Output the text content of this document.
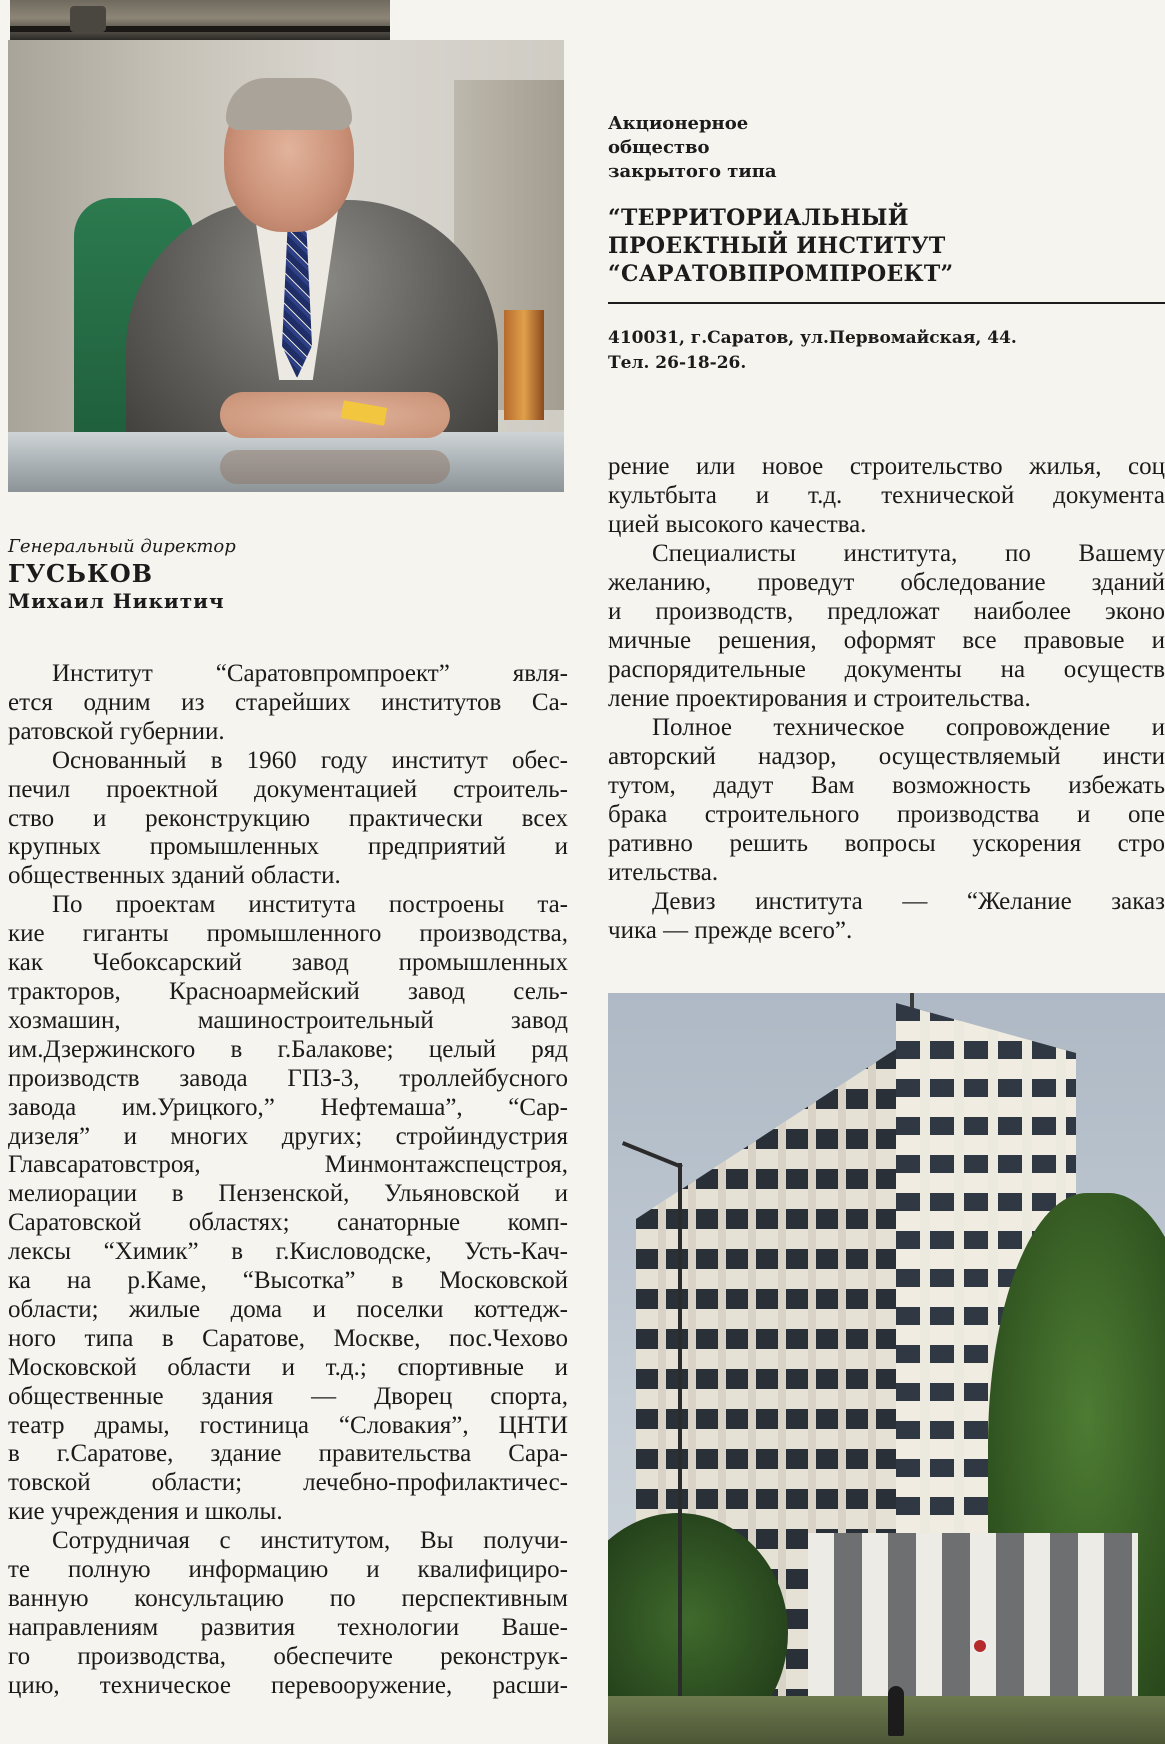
Акционерное
общество
закрытого типа
“ТЕРРИТОРИАЛЬНЫЙ
ПРОЕКТНЫЙ ИНСТИТУТ
“САРАТОВПРОМПРОЕКТ”
410031, г.Саратов, ул.Первомайская, 44.
Тел. 26-18-26.
Генеральный директор
ГУСЬКОВ
Михаил Никитич
Институт “Саратовпромпроект” явля-
ется одним из старейших институтов Са-
ратовской губернии.
Основанный в 1960 году институт обес-
печил проектной документацией строитель-
ство и реконструкцию практически всех
крупных промышленных предприятий и
общественных зданий области.
По проектам института построены та-
кие гиганты промышленного производства,
как Чебоксарский завод промышленных
тракторов, Красноармейский завод сель-
хозмашин, машиностроительный завод
им.Дзержинского в г.Балакове; целый ряд
производств завода ГПЗ-3, троллейбусного
завода им.Урицкого,” Нефтемаша”, “Сар-
дизеля” и многих других; стройиндустрия
Главсаратовстроя, Минмонтажспецстроя,
мелиорации в Пензенской, Ульяновской и
Саратовской областях; санаторные комп-
лексы “Химик” в г.Кисловодске, Усть-Кач-
ка на р.Каме, “Высотка” в Московской
области; жилые дома и поселки коттедж-
ного типа в Саратове, Москве, пос.Чехово
Московской области и т.д.; спортивные и
общественные здания — Дворец спорта,
театр драмы, гостиница “Словакия”, ЦНТИ
в г.Саратове, здание правительства Сара-
товской области; лечебно-профилактичес-
кие учреждения и школы.
Сотрудничая с институтом, Вы получи-
те полную информацию и квалифициро-
ванную консультацию по перспективным
направлениям развития технологии Ваше-
го производства, обеспечите реконструк-
цию, техническое перевооружение, расши-
рение или новое строительство жилья, соц
культбыта и т.д. технической документа
цией высокого качества.
Специалисты института, по Вашему
желанию, проведут обследование зданий
и производств, предложат наиболее эконо
мичные решения, оформят все правовые и
распорядительные документы на осуществ
ление проектирования и строительства.
Полное техническое сопровождение и
авторский надзор, осуществляемый инсти
тутом, дадут Вам возможность избежать
брака строительного производства и опе
ративно решить вопросы ускорения стро
ительства.
Девиз института — “Желание заказ
чика — прежде всего”.
